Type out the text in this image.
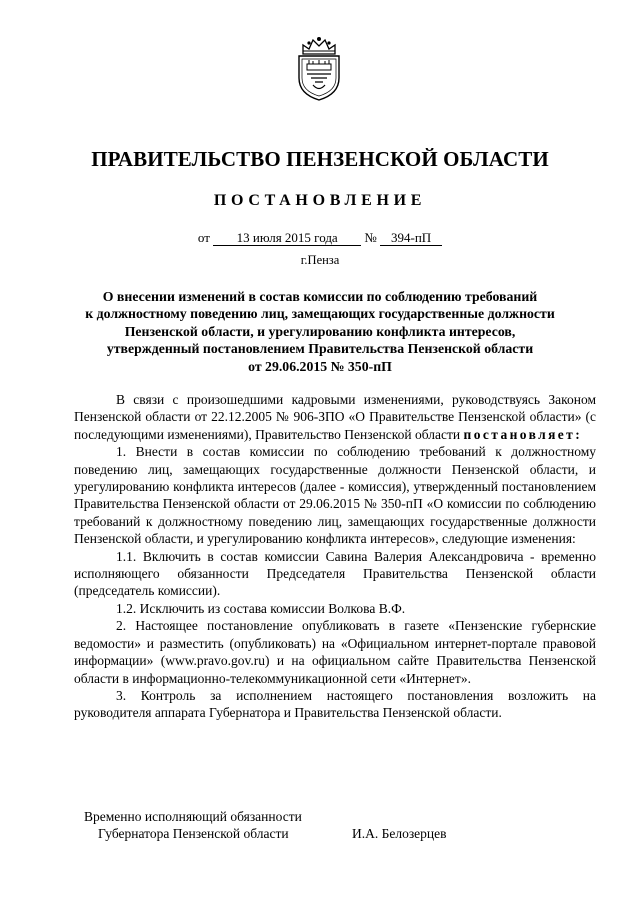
ПРАВИТЕЛЬСТВО ПЕНЗЕНСКОЙ ОБЛАСТИ
ПОСТАНОВЛЕНИЕ
от 13 июля 2015 года № 394-пП
г.Пенза
О внесении изменений в состав комиссии по соблюдению требований
к должностному поведению лиц, замещающих государственные должности
Пензенской области, и урегулированию конфликта интересов,
утвержденный постановлением Правительства Пензенской области
от 29.06.2015 № 350-пП

В связи с произошедшими кадровыми изменениями, руководствуясь Законом Пензенской области от 22.12.2005 № 906-ЗПО «О Правительстве Пензенской области» (с последующими изменениями), Правительство Пензенской области постановляет:

1. Внести в состав комиссии по соблюдению требований к должностному поведению лиц, замещающих государственные должности Пензенской области, и урегулированию конфликта интересов (далее - комиссия), утвержденный постановлением Правительства Пензенской области от 29.06.2015 № 350-пП «О комиссии по соблюдению требований к должностному поведению лиц, замещающих государственные должности Пензенской области, и урегулированию конфликта интересов», следующие изменения:

1.1. Включить в состав комиссии Савина Валерия Александровича - временно исполняющего обязанности Председателя Правительства Пензенской области (председатель комиссии).

1.2. Исключить из состава комиссии Волкова В.Ф.

2. Настоящее постановление опубликовать в газете «Пензенские губернские ведомости» и разместить (опубликовать) на «Официальном интернет-портале правовой информации» (www.pravo.gov.ru) и на официальном сайте Правительства Пензенской области в информационно-телекоммуникационной сети «Интернет».

3. Контроль за исполнением настоящего постановления возложить на руководителя аппарата Губернатора и Правительства Пензенской области.

Временно исполняющий обязанности
Губернатора Пензенской области	И.А. Белозерцев
